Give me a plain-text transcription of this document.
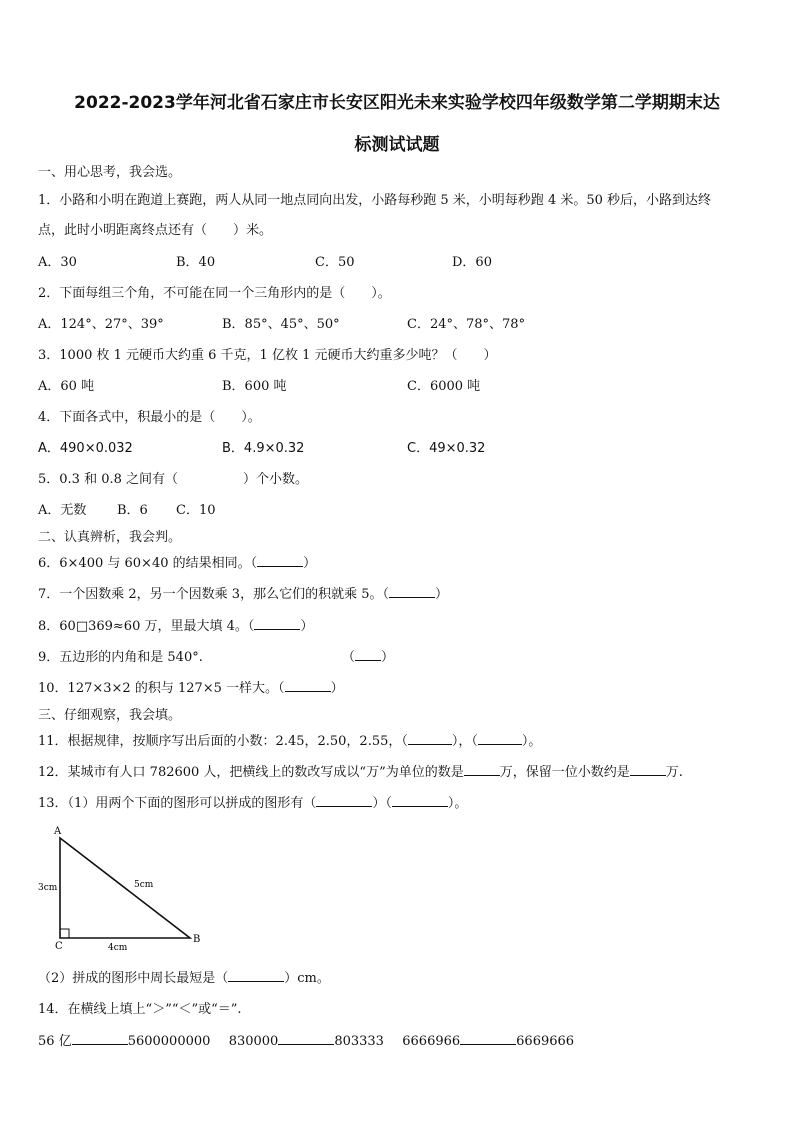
2022-2023学年河北省石家庄市长安区阳光未来实验学校四年级数学第二学期期末达
标测试试题
一、用心思考，我会选。
1．小路和小明在跑道上赛跑，两人从同一地点同向出发，小路每秒跑 5 米，小明每秒跑 4 米。50 秒后，小路到达终
点，此时小明距离终点还有（　　）米。
A．30	B．40	C．50	D．60
2．下面每组三个角，不可能在同一个三角形内的是（　　）。
A．124°、27°、39°	B．85°、45°、50°	C．24°、78°、78°
3．1000 枚 1 元硬币大约重 6 千克，1 亿枚 1 元硬币大约重多少吨？（　　）
A．60 吨	B．600 吨	C．6000 吨
4．下面各式中，积最小的是（　　）。
A．490×0.032	B．4.9×0.32	C．49×0.32
5．0.3 和 0.8 之间有（　　　　　）个小数。
A．无数 B．6 C．10
二、认真辨析，我会判。
6．6×400 与 60×40 的结果相同。（	）
7．一个因数乘 2，另一个因数乘 3，那么它们的积就乘 5。（	）
8．60□369≈60 万，里最大填 4。（	）
9．五边形的内角和是 540°.	（ ）
10．127×3×2 的积与 127×5 一样大。（	）
三、仔细观察，我会填。
11．根据规律，按顺序写出后面的小数：2.45，2.50，2.55，（	），（	）。
12．某城市有人口 782600 人，把横线上的数改写成以“万”为单位的数是	万，保留一位小数约是	万.
13．（1）用两个下面的图形可以拼成的图形有（	）（	）。
A
B
C
3cm	5cm
4cm
（2）拼成的图形中周长最短是（	）cm。
14．在横线上填上“＞”“＜”或“＝”.
56 亿	5600000000 830000	803333 6666966	6669666
